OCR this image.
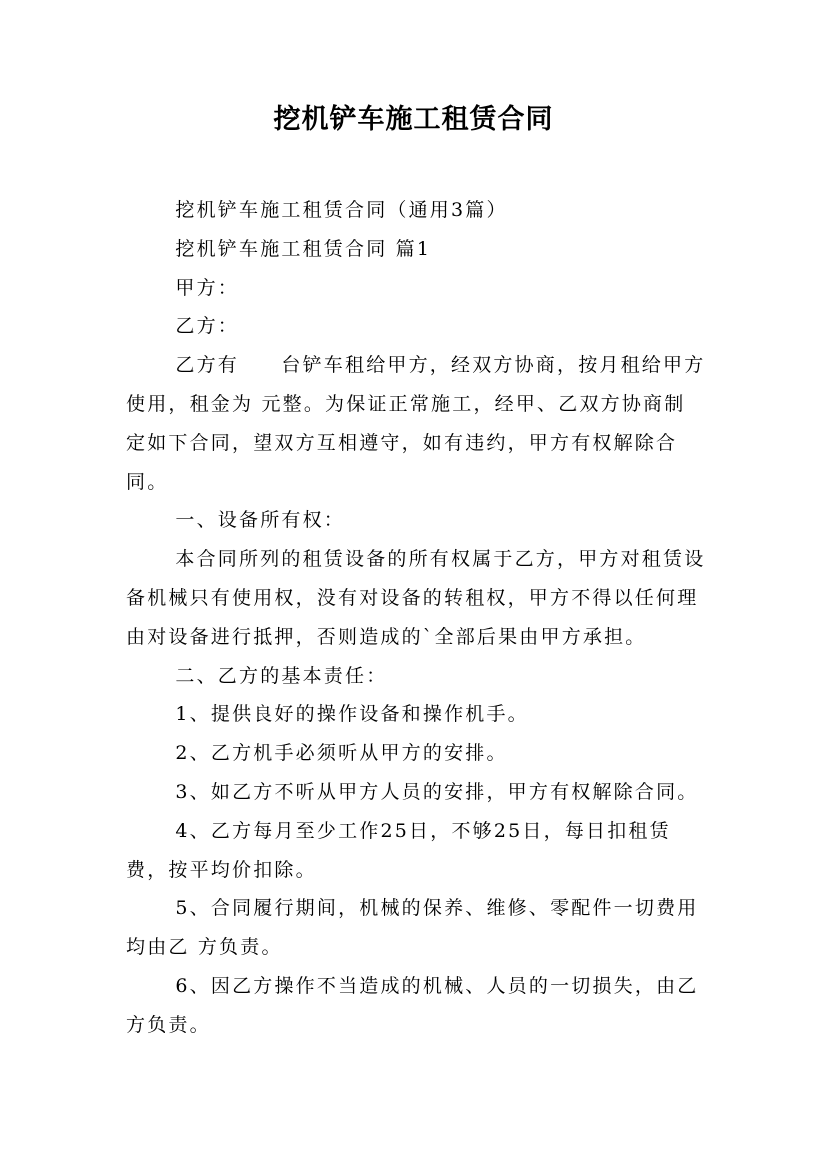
挖机铲车施工租赁合同

挖机铲车施工租赁合同（通用3篇）

挖机铲车施工租赁合同 篇1

甲方：

乙方：

乙方有　　台铲车租给甲方，经双方协商，按月租给甲方使用，租金为 元整。为保证正常施工，经甲、乙双方协商制定如下合同，望双方互相遵守，如有违约，甲方有权解除合同。

一、设备所有权：

本合同所列的租赁设备的所有权属于乙方，甲方对租赁设备机械只有使用权，没有对设备的转租权，甲方不得以任何理由对设备进行抵押，否则造成的`全部后果由甲方承担。

二、乙方的基本责任：

1、提供良好的操作设备和操作机手。

2、乙方机手必须听从甲方的安排。

3、如乙方不听从甲方人员的安排，甲方有权解除合同。

4、乙方每月至少工作25日，不够25日，每日扣租赁费，按平均价扣除。

5、合同履行期间，机械的保养、维修、零配件一切费用均由乙 方负责。

6、因乙方操作不当造成的机械、人员的一切损失，由乙方负责。
